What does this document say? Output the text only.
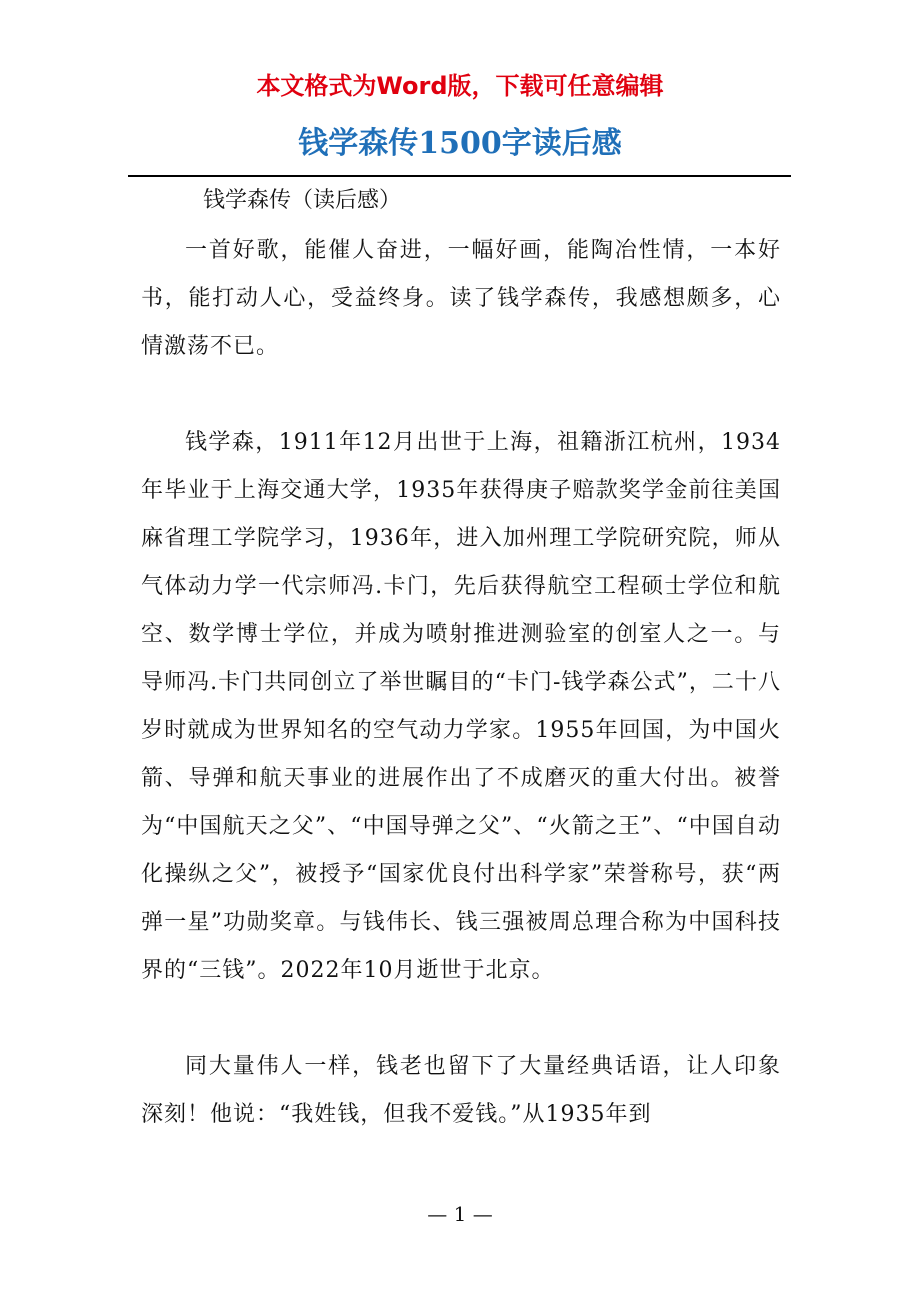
本文格式为Word版，下载可任意编辑

钱学森传1500字读后感

钱学森传（读后感）

一首好歌，能催人奋进，一幅好画，能陶冶性情，一本好书，能打动人心，受益终身。读了钱学森传，我感想颇多，心情激荡不已。

钱学森，1911年12月出世于上海，祖籍浙江杭州，1934年毕业于上海交通大学，1935年获得庚子赔款奖学金前往美国麻省理工学院学习，1936年，进入加州理工学院研究院，师从气体动力学一代宗师冯.卡门，先后获得航空工程硕士学位和航空、数学博士学位，并成为喷射推进测验室的创室人之一。与导师冯.卡门共同创立了举世瞩目的“卡门-钱学森公式”，二十八岁时就成为世界知名的空气动力学家。1955年回国，为中国火箭、导弹和航天事业的进展作出了不成磨灭的重大付出。被誉为“中国航天之父”、“中国导弹之父”、“火箭之王”、“中国自动化操纵之父”，被授予“国家优良付出科学家”荣誉称号，获“两弹一星”功勋奖章。与钱伟长、钱三强被周总理合称为中国科技界的“三钱”。2022年10月逝世于北京。

同大量伟人一样，钱老也留下了大量经典话语，让人印象深刻！他说：“我姓钱，但我不爱钱。”从1935年到

— 1 —
